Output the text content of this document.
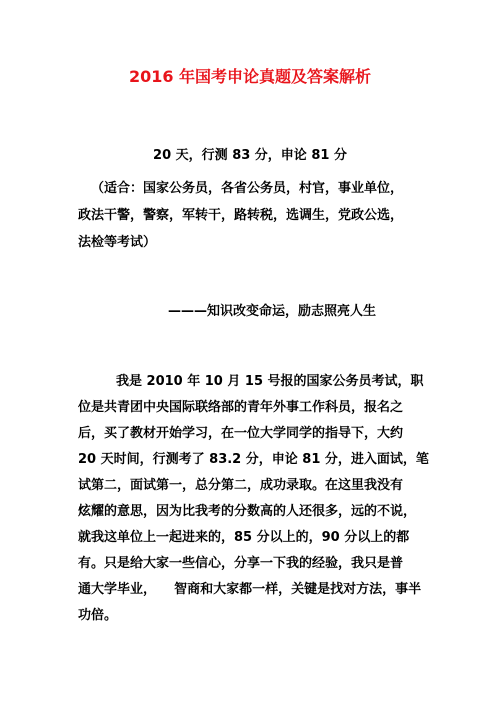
2016 年国考申论真题及答案解析
20 天，行测 83 分，申论 81 分
（适合：国家公务员，各省公务员，村官，事业单位，
政法干警，警察，军转干，路转税，选调生，党政公选，
法检等考试）
———知识改变命运，励志照亮人生
我是 2010 年 10 月 15 号报的国家公务员考试，职
位是共青团中央国际联络部的青年外事工作科员，报名之
后，买了教材开始学习，在一位大学同学的指导下，大约
20 天时间，行测考了 83.2 分，申论 81 分，进入面试，笔
试第二，面试第一，总分第二，成功录取。在这里我没有
炫耀的意思，因为比我考的分数高的人还很多，远的不说，
就我这单位上一起进来的，85 分以上的，90 分以上的都
有。只是给大家一些信心，分享一下我的经验，我只是普
通大学毕业，    智商和大家都一样，关键是找对方法，事半
功倍。
